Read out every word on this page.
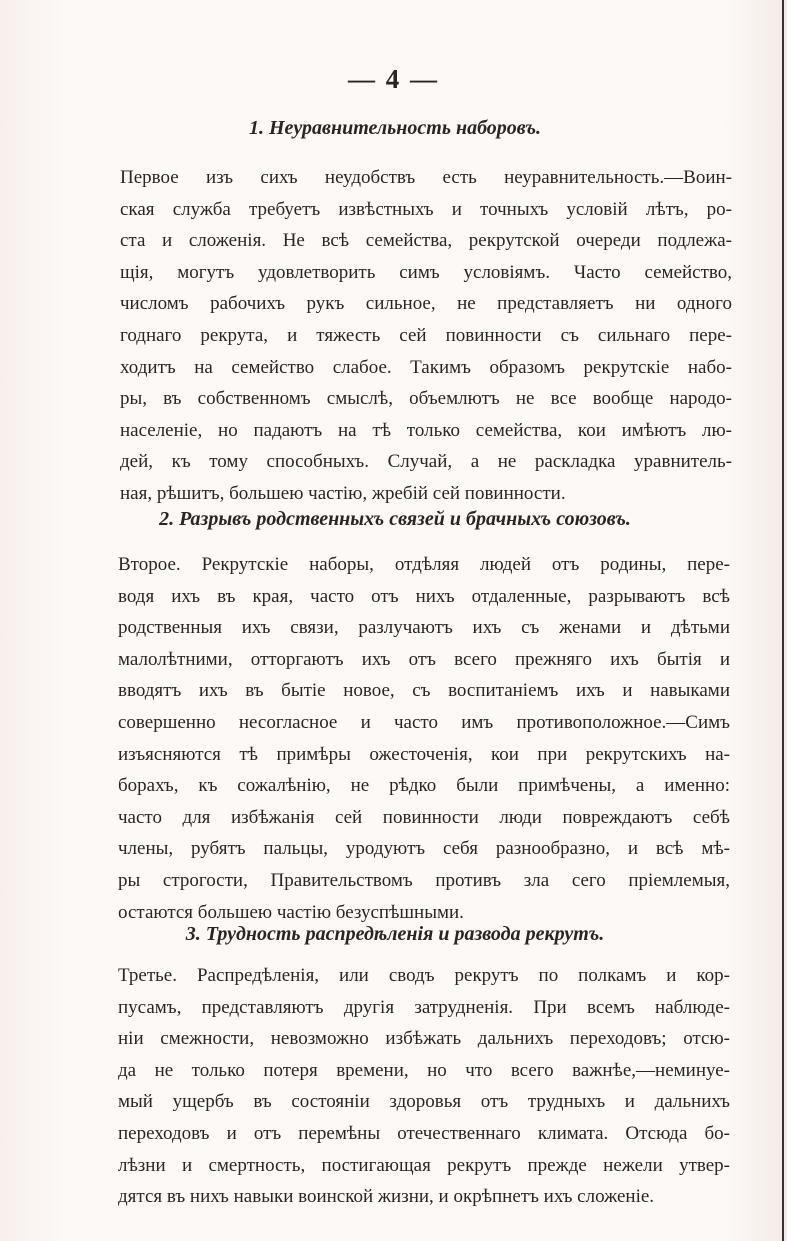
— 4 —
1. Неуравнительность наборовъ.
Первое изъ сихъ неудобствъ есть неуравнительность.—Воин-
ская служба требуетъ извѣстныхъ и точныхъ условій лѣтъ, ро-
ста и сложенія. Не всѣ семейства, рекрутской очереди подлежа-
щія, могутъ удовлетворить симъ условіямъ. Часто семейство,
числомъ рабочихъ рукъ сильное, не представляетъ ни одного
годнаго рекрута, и тяжесть сей повинности съ сильнаго пере-
ходитъ на семейство слабое. Такимъ образомъ рекрутскіе набо-
ры, въ собственномъ смыслѣ, объемлютъ не все вообще народо-
населеніе, но падаютъ на тѣ только семейства, кои имѣютъ лю-
дей, къ тому способныхъ. Случай, а не раскладка уравнитель-
ная, рѣшитъ, большею частію, жребій сей повинности.
2. Разрывъ родственныхъ связей и брачныхъ союзовъ.
Второе. Рекрутскіе наборы, отдѣляя людей отъ родины, пере-
водя ихъ въ края, часто отъ нихъ отдаленные, разрываютъ всѣ
родственныя ихъ связи, разлучаютъ ихъ съ женами и дѣтьми
малолѣтними, отторгаютъ ихъ отъ всего прежняго ихъ бытія и
вводятъ ихъ въ бытіе новое, съ воспитаніемъ ихъ и навыками
совершенно несогласное и часто имъ противоположное.—Симъ
изъясняются тѣ примѣры ожесточенія, кои при рекрутскихъ на-
борахъ, къ сожалѣнію, не рѣдко были примѣчены, а именно:
часто для избѣжанія сей повинности люди повреждаютъ себѣ
члены, рубятъ пальцы, уродуютъ себя разнообразно, и всѣ мѣ-
ры строгости, Правительствомъ противъ зла сего пріемлемыя,
остаются большею частію безуспѣшными.
3. Трудность распредѣленія и развода рекрутъ.
Третье. Распредѣленія, или сводъ рекрутъ по полкамъ и кор-
пусамъ, представляютъ другія затрудненія. При всемъ наблюде-
ніи смежности, невозможно избѣжать дальнихъ переходовъ; отсю-
да не только потеря времени, но что всего важнѣе,—неминуе-
мый ущербъ въ состояніи здоровья отъ трудныхъ и дальнихъ
переходовъ и отъ перемѣны отечественнаго климата. Отсюда бо-
лѣзни и смертность, постигающая рекрутъ прежде нежели утвер-
дятся въ нихъ навыки воинской жизни, и окрѣпнетъ ихъ сложеніе.
